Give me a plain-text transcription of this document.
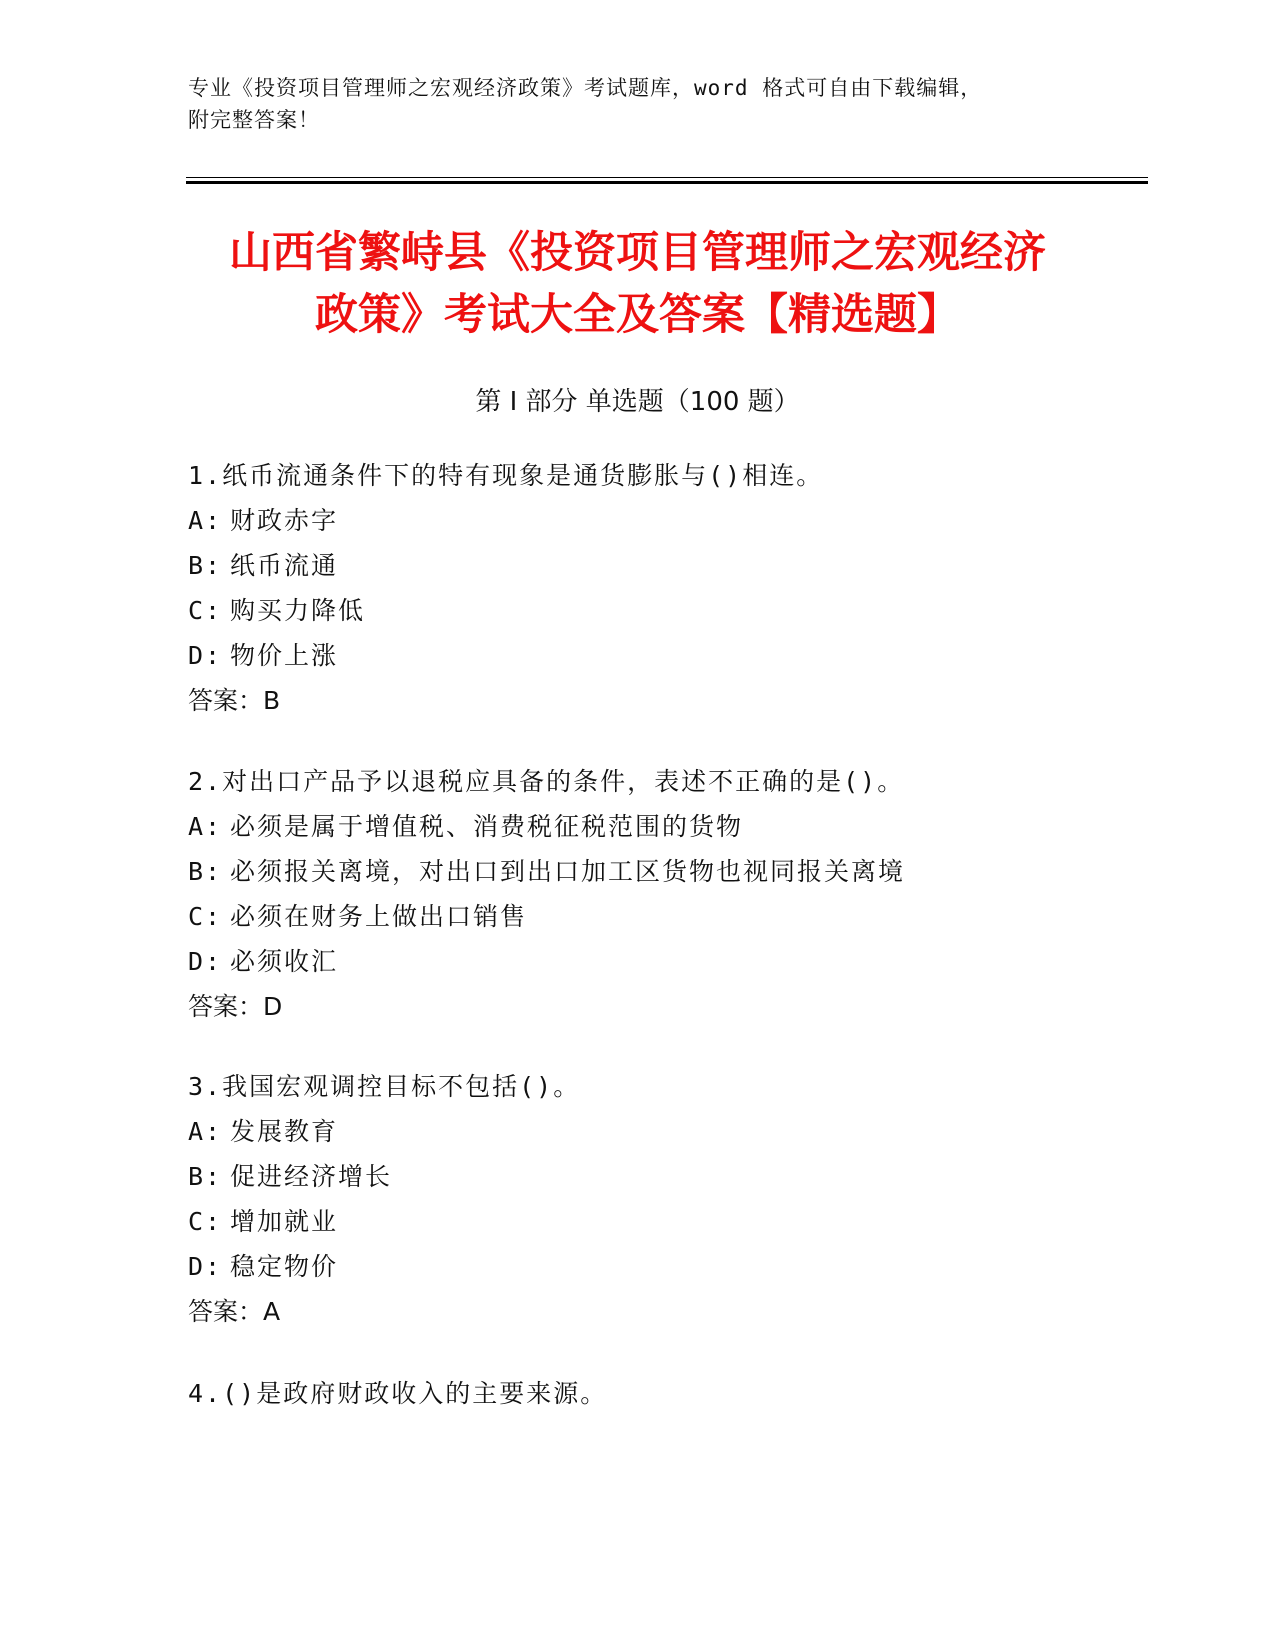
专业《投资项目管理师之宏观经济政策》考试题库，word 格式可自由下载编辑，
附完整答案！
山西省繁峙县《投资项目管理师之宏观经济
政策》考试大全及答案【精选题】
第 I 部分 单选题（100 题）
1.纸币流通条件下的特有现象是通货膨胀与()相连。
A: 财政赤字
B: 纸币流通
C: 购买力降低
D: 物价上涨
答案：B
2.对出口产品予以退税应具备的条件，表述不正确的是()。
A: 必须是属于增值税、消费税征税范围的货物
B: 必须报关离境，对出口到出口加工区货物也视同报关离境
C: 必须在财务上做出口销售
D: 必须收汇
答案：D
3.我国宏观调控目标不包括()。
A: 发展教育
B: 促进经济增长
C: 增加就业
D: 稳定物价
答案：A
4.()是政府财政收入的主要来源。
